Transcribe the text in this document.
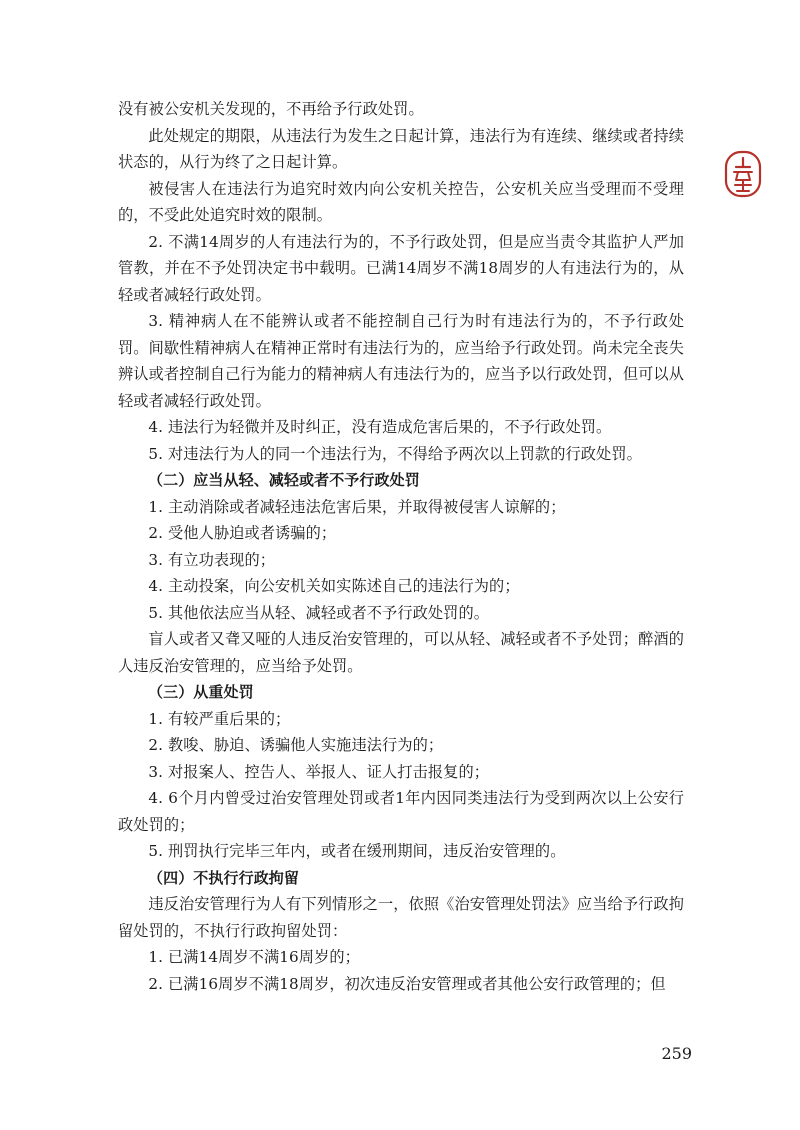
没有被公安机关发现的，不再给予行政处罚。

此处规定的期限，从违法行为发生之日起计算，违法行为有连续、继续或者持续状态的，从行为终了之日起计算。

被侵害人在违法行为追究时效内向公安机关控告，公安机关应当受理而不受理的，不受此处追究时效的限制。

2. 不满14周岁的人有违法行为的，不予行政处罚，但是应当责令其监护人严加管教，并在不予处罚决定书中载明。已满14周岁不满18周岁的人有违法行为的，从轻或者减轻行政处罚。

3. 精神病人在不能辨认或者不能控制自己行为时有违法行为的，不予行政处罚。间歇性精神病人在精神正常时有违法行为的，应当给予行政处罚。尚未完全丧失辨认或者控制自己行为能力的精神病人有违法行为的，应当予以行政处罚，但可以从轻或者减轻行政处罚。

4. 违法行为轻微并及时纠正，没有造成危害后果的，不予行政处罚。

5. 对违法行为人的同一个违法行为，不得给予两次以上罚款的行政处罚。

（二）应当从轻、减轻或者不予行政处罚

1. 主动消除或者减轻违法危害后果，并取得被侵害人谅解的；

2. 受他人胁迫或者诱骗的；

3. 有立功表现的；

4. 主动投案，向公安机关如实陈述自己的违法行为的；

5. 其他依法应当从轻、减轻或者不予行政处罚的。

盲人或者又聋又哑的人违反治安管理的，可以从轻、减轻或者不予处罚；醉酒的人违反治安管理的，应当给予处罚。

（三）从重处罚

1. 有较严重后果的；

2. 教唆、胁迫、诱骗他人实施违法行为的；

3. 对报案人、控告人、举报人、证人打击报复的；

4. 6个月内曾受过治安管理处罚或者1年内因同类违法行为受到两次以上公安行政处罚的；

5. 刑罚执行完毕三年内，或者在缓刑期间，违反治安管理的。

（四）不执行行政拘留

违反治安管理行为人有下列情形之一，依照《治安管理处罚法》应当给予行政拘留处罚的，不执行行政拘留处罚：

1. 已满14周岁不满16周岁的；

2. 已满16周岁不满18周岁，初次违反治安管理或者其他公安行政管理的；但

259
